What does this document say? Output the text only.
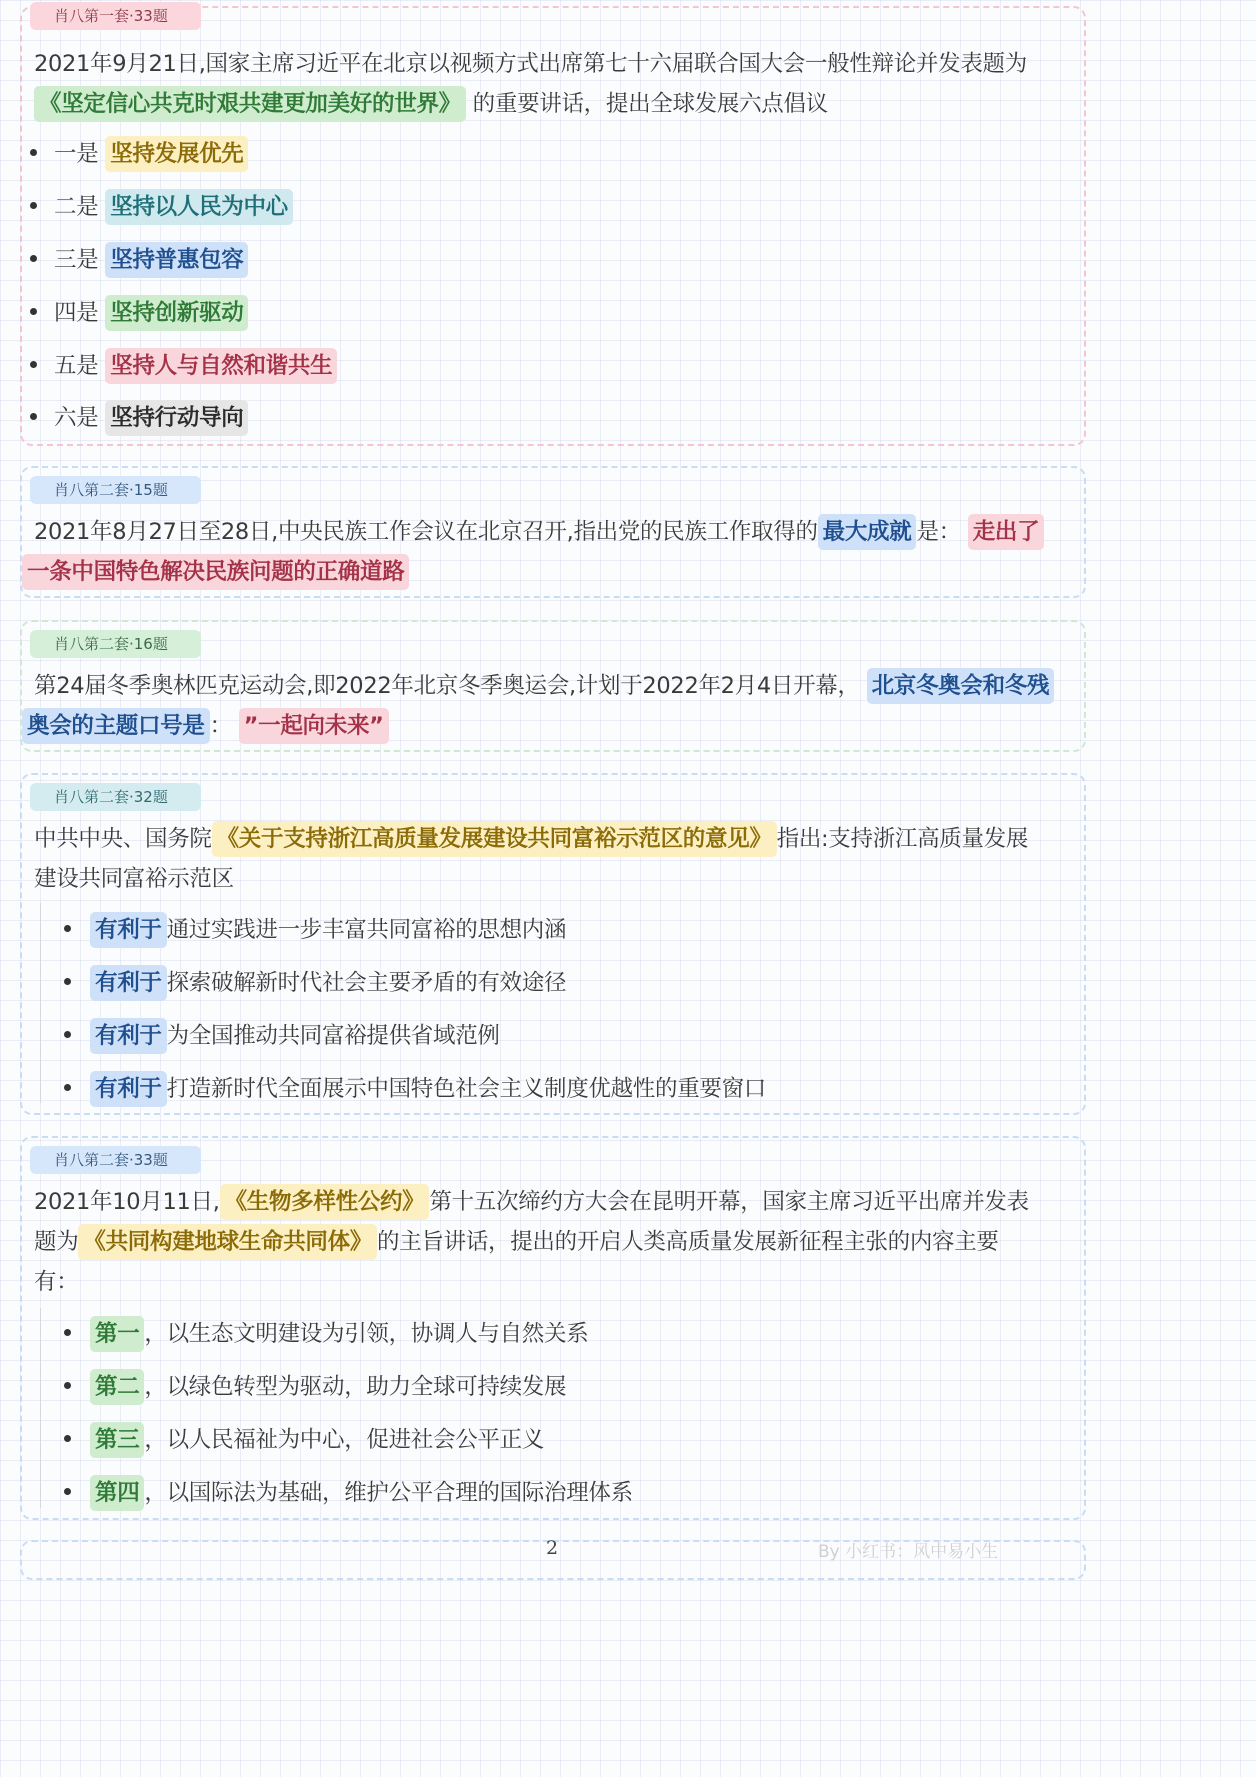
肖八第一套·33题
2021年9月21日,国家主席习近平在北京以视频方式出席第七十六届联合国大会一般性辩论并发表题为 《坚定信心共克时艰共建更加美好的世界》 的重要讲话，提出全球发展六点倡议
一是 坚持发展优先
二是 坚持以人民为中心
三是 坚持普惠包容
四是 坚持创新驱动
五是 坚持人与自然和谐共生
六是 坚持行动导向
肖八第二套·15题
2021年8月27日至28日,中央民族工作会议在北京召开,指出党的民族工作取得的 最大成就 是： 走出了
一条中国特色解决民族问题的正确道路
肖八第二套·16题
第24届冬季奥林匹克运动会,即2022年北京冬季奥运会,计划于2022年2月4日开幕， 北京冬奥会和冬残
奥会的主题口号是 ： ”一起向未来”
肖八第二套·32题
中共中央、国务院 《关于支持浙江高质量发展建设共同富裕示范区的意见》 指出:支持浙江高质量发展
建设共同富裕示范区
有利于 通过实践进一步丰富共同富裕的思想内涵
有利于 探索破解新时代社会主要矛盾的有效途径
有利于 为全国推动共同富裕提供省域范例
有利于 打造新时代全面展示中国特色社会主义制度优越性的重要窗口
肖八第二套·33题
2021年10月11日, 《生物多样性公约》 第十五次缔约方大会在昆明开幕，国家主席习近平出席并发表
题为 《共同构建地球生命共同体》 的主旨讲话，提出的开启人类高质量发展新征程主张的内容主要
有：
第一 ，以生态文明建设为引领，协调人与自然关系
第二 ，以绿色转型为驱动，助力全球可持续发展
第三 ，以人民福祉为中心，促进社会公平正义
第四 ，以国际法为基础，维护公平合理的国际治理体系
2	By 小红书：风中易小生
